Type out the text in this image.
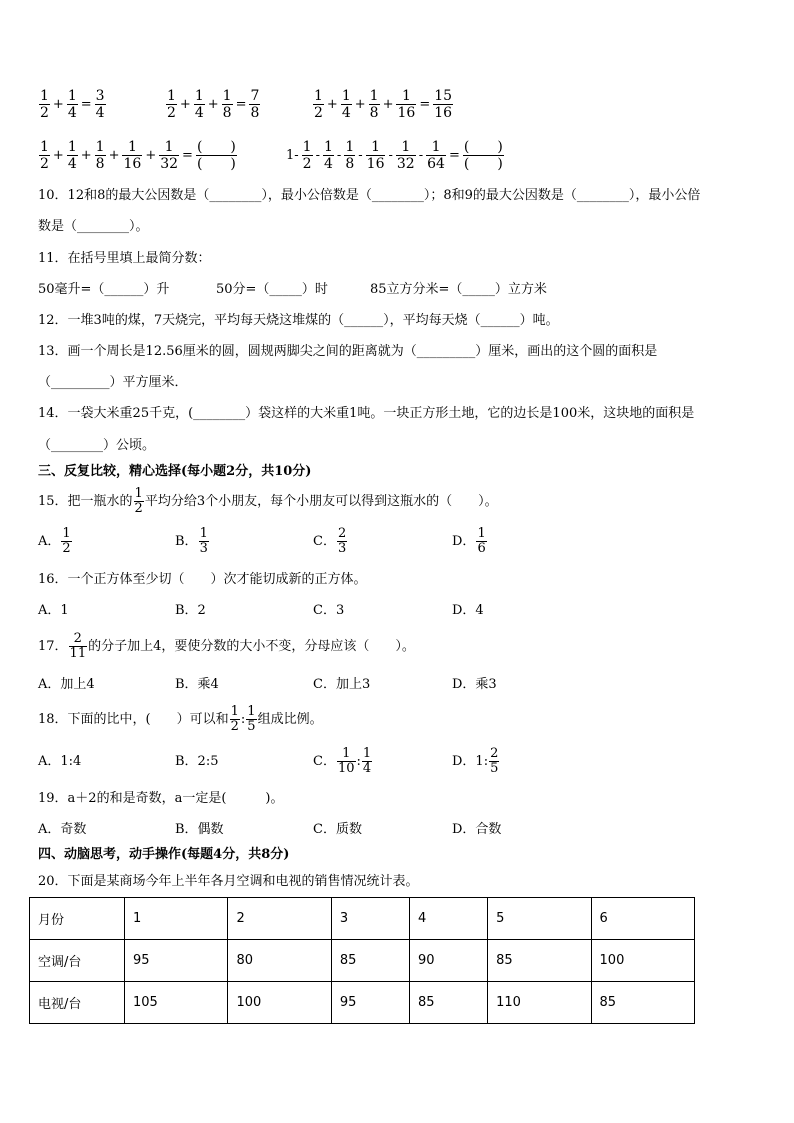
$\frac{1}{2} + \frac{1}{4} = \frac{3}{4}$	$\frac{1}{2} + \frac{1}{4} + \frac{1}{8} = \frac{7}{8}$	$\frac{1}{2} + \frac{1}{4} + \frac{1}{8} + \frac{1}{16} = \frac{15}{16}$
$\frac{1}{2} + \frac{1}{4} + \frac{1}{8} + \frac{1}{16} + \frac{1}{32} = \frac{( )}{( )}$	$1- \frac{1}{2} - \frac{1}{4} - \frac{1}{8} - \frac{1}{16} - \frac{1}{32} - \frac{1}{64} = \frac{( )}{( )}$
10．12和8的最大公因数是（________），最小公倍数是（________）；8和9的最大公因数是（________），最小公倍
数是（________）。
11．在括号里填上最简分数：
50毫升=（______）升	50分=（_____）时	85立方分米=（_____）立方米
12．一堆3吨的煤，7天烧完，平均每天烧这堆煤的（______），平均每天烧（______）吨。
13．画一个周长是12.56厘米的圆，圆规两脚尖之间的距离就为（_________）厘米，画出的这个圆的面积是
（_________）平方厘米．
14．一袋大米重25千克，(________）袋这样的大米重1吨。一块正方形土地，它的边长是100米，这块地的面积是
（________）公顷。
三、反复比较，精心选择(每小题2分，共10分)
15．把一瓶水的 $\frac{1}{2}$ 平均分给3个小朋友，每个小朋友可以得到这瓶水的（　　）。
A． $\frac{1}{2}$	B． $\frac{1}{3}$	C． $\frac{2}{3}$	D． $\frac{1}{6}$
16．一个正方体至少切（　　）次才能切成新的正方体。
A．1	B．2	C．3	D．4
17． $\frac{2}{11}$ 的分子加上4，要使分数的大小不变，分母应该（　　）。
A．加上4	B．乘4	C．加上3	D．乘3
18．下面的比中，(　　）可以和 $\frac{1}{2}$ : $\frac{1}{5}$ 组成比例。
A．1:4	B．2:5	C． $\frac{1}{10}$ : $\frac{1}{4}$	D．1: $\frac{2}{5}$
19．a＋2的和是奇数，a一定是(　　　)。
A．奇数	B．偶数	C．质数	D．合数
四、动脑思考，动手操作(每题4分，共8分)
20．下面是某商场今年上半年各月空调和电视的销售情况统计表。
月份	1	2	3	4	5	6
空调/台	95	80	85	90	85	100
电视/台	105	100	95	85	110	85
